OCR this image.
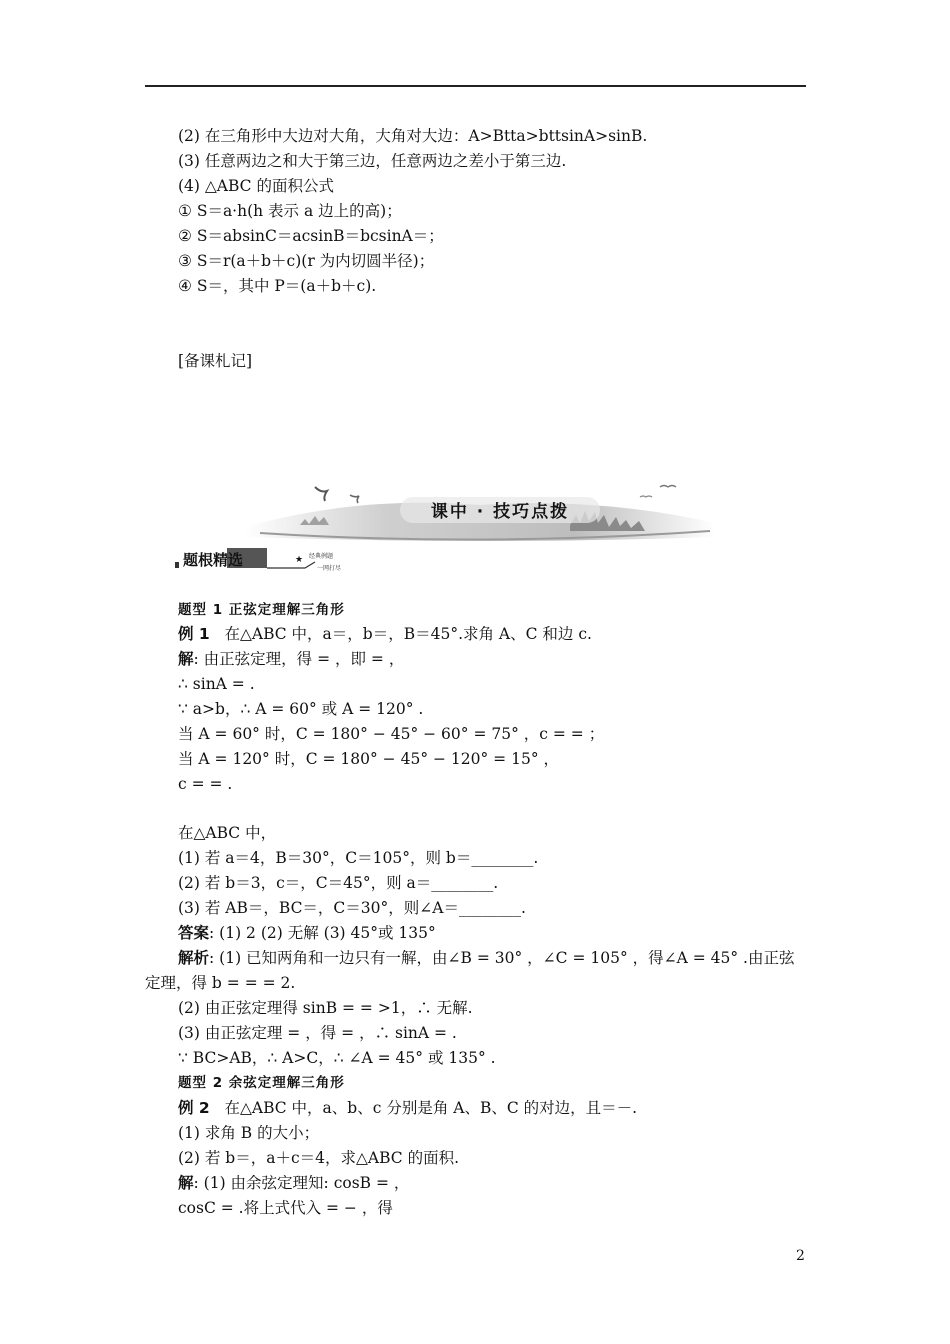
(2) 在三角形中大边对大角，大角对大边：A>Btta>bttsinA>sinB.
(3) 任意两边之和大于第三边，任意两边之差小于第三边.
(4) △ABC 的面积公式
① S＝a·h(h 表示 a 边上的高)；
② S＝absinC＝acsinB＝bcsinA＝；
③ S＝r(a＋b＋c)(r 为内切圆半径)；
④ S＝，其中 P＝(a＋b＋c).
[备课札记]
课中 · 技巧点拨
题根精选	★ 经典例题
一网打尽
题型 1 正弦定理解三角形
例 1 在△ABC 中，a＝，b＝，B＝45°.求角 A、C 和边 c.
解: 由正弦定理，得 = ，即 = ，
∴ sinA = .
∵ a>b，∴ A = 60° 或 A = 120° .
当 A = 60° 时，C = 180° − 45° − 60° = 75° ，c = = ；
当 A = 120° 时，C = 180° − 45° − 120° = 15° ，
c = = .
在△ABC 中，
(1) 若 a＝4，B＝30°，C＝105°，则 b＝________.
(2) 若 b＝3，c＝，C＝45°，则 a＝________.
(3) 若 AB＝，BC＝，C＝30°，则∠A＝________.
答案: (1) 2 (2) 无解 (3) 45°或 135°
解析: (1) 已知两角和一边只有一解，由∠B = 30° ，∠C = 105° ，得∠A = 45° .由正弦
定理，得 b = = = 2.
(2) 由正弦定理得 sinB = = >1，∴ 无解.
(3) 由正弦定理 = ，得 = ，∴ sinA = .
∵ BC>AB，∴ A>C，∴ ∠A = 45° 或 135° .
题型 2 余弦定理解三角形
例 2 在△ABC 中，a、b、c 分别是角 A、B、C 的对边，且＝－.
(1) 求角 B 的大小；
(2) 若 b＝，a＋c＝4，求△ABC 的面积.
解: (1) 由余弦定理知: cosB = ，
cosC = .将上式代入 = − ，得
2
